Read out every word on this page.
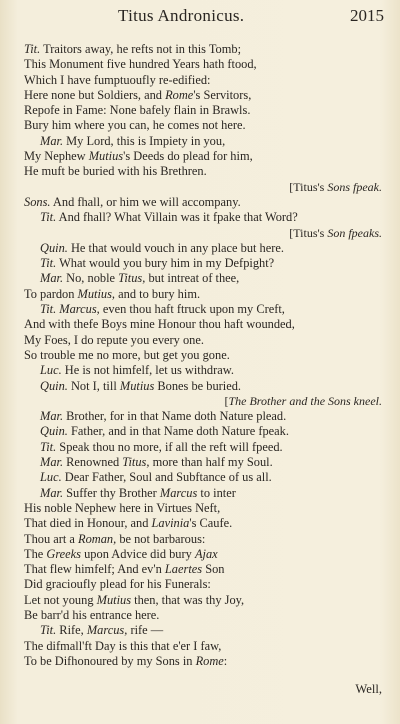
Titus Andronicus.	2015
Tit. Traitors away, he refts not in this Tomb;
This Monument five hundred Years hath ftood,
Which I have fumptuoufly re-edified:
Here none but Soldiers, and Rome's Servitors,
Repofe in Fame: None bafely flain in Brawls.
Bury him where you can, he comes not here.
Mar. My Lord, this is Impiety in you,
My Nephew Mutius's Deeds do plead for him,
He muft be buried with his Brethren.
[Titus's Sons fpeak.
Sons. And fhall, or him we will accompany.
Tit. And fhall? What Villain was it fpake that Word?
[Titus's Son fpeaks.
Quin. He that would vouch in any place but here.
Tit. What would you bury him in my Defpight?
Mar. No, noble Titus, but intreat of thee,
To pardon Mutius, and to bury him.
Tit. Marcus, even thou haft ftruck upon my Creft,
And with thefe Boys mine Honour thou haft wounded,
My Foes, I do repute you every one.
So trouble me no more, but get you gone.
Luc. He is not himfelf, let us withdraw.
Quin. Not I, till Mutius Bones be buried.
[The Brother and the Sons kneel.
Mar. Brother, for in that Name doth Nature plead.
Quin. Father, and in that Name doth Nature fpeak.
Tit. Speak thou no more, if all the reft will fpeed.
Mar. Renowned Titus, more than half my Soul.
Luc. Dear Father, Soul and Subftance of us all.
Mar. Suffer thy Brother Marcus to inter
His noble Nephew here in Virtues Neft,
That died in Honour, and Lavinia's Caufe.
Thou art a Roman, be not barbarous:
The Greeks upon Advice did bury Ajax
That flew himfelf; And ev'n Laertes Son
Did gracioufly plead for his Funerals:
Let not young Mutius then, that was thy Joy,
Be barr'd his entrance here.
Tit. Rife, Marcus, rife —
The difmall'ft Day is this that e'er I faw,
To be Difhonoured by my Sons in Rome:
Well,
